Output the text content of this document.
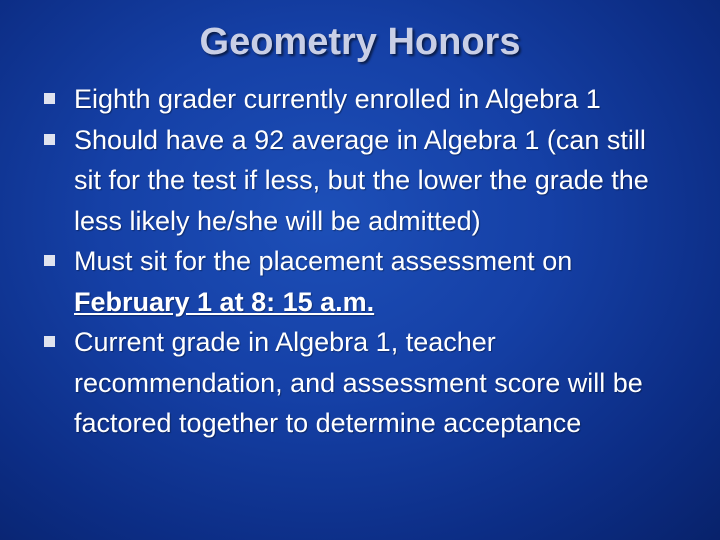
Geometry Honors
Eighth grader currently enrolled in Algebra 1
Should have a 92 average in Algebra 1 (can still sit for the test if less, but the lower the grade the less likely he/she will be admitted)
Must sit for the placement assessment on February 1 at 8: 15 a.m.
Current grade in Algebra 1, teacher recommendation, and assessment score will be factored together to determine acceptance
